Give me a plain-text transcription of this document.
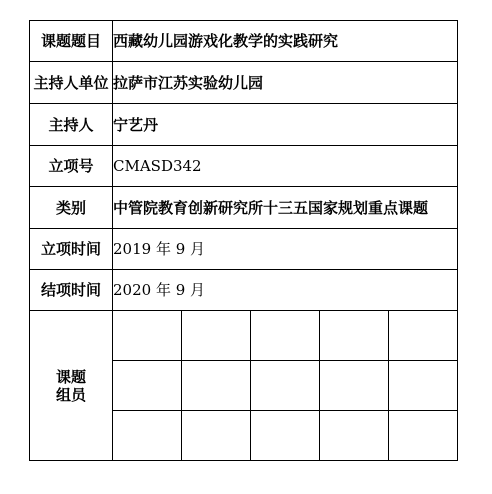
课题题目	西藏幼儿园游戏化教学的实践研究				
主持人单位	拉萨市江苏实验幼儿园				
主持人	宁艺丹				
立项号	CMASD342				
类别	中管院教育创新研究所十三五国家规划重点课题				
立项时间	2019 年 9 月				
结项时间	2020 年 9 月				

课题
组员					
